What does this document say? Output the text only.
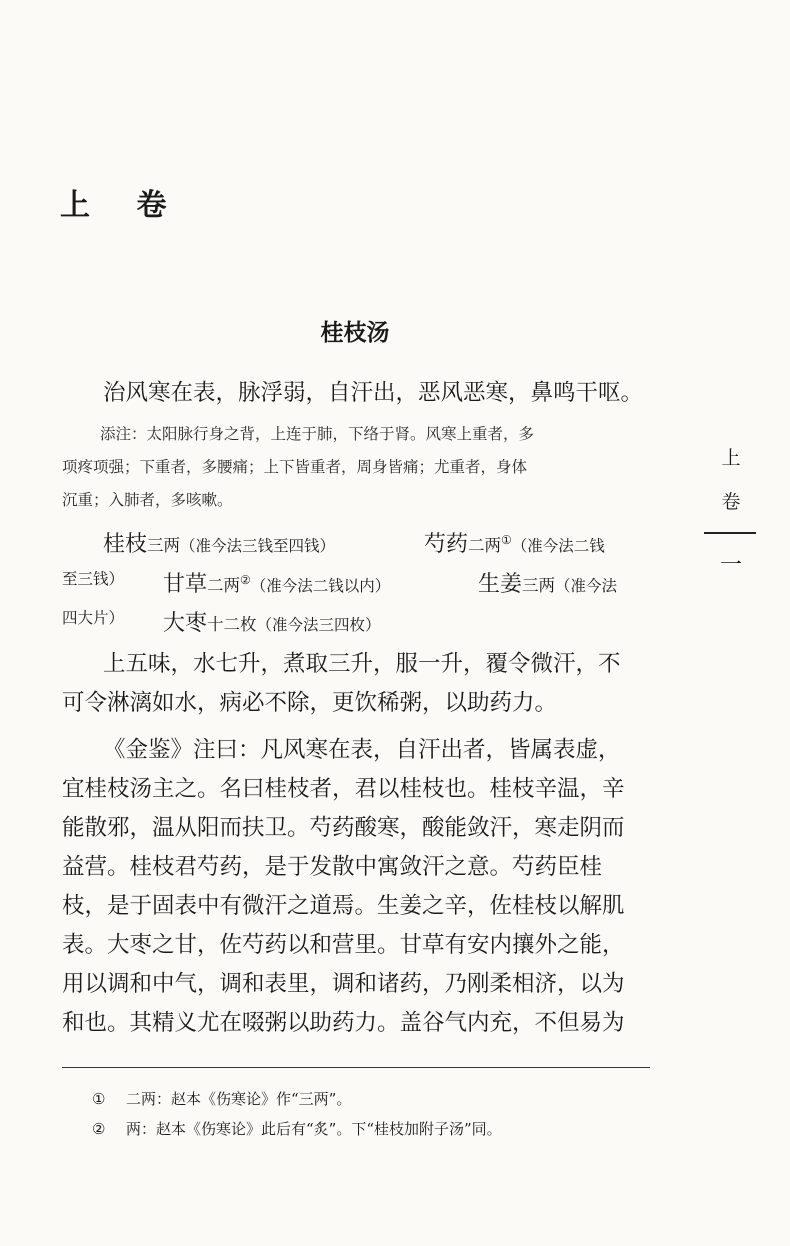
上 卷
桂枝汤
治风寒在表，脉浮弱，自汗出，恶风恶寒，鼻鸣干呕。
添注：太阳脉行身之背，上连于肺，下络于肾。风寒上重者，多
项疼项强；下重者，多腰痛；上下皆重者，周身皆痛；尤重者，身体
沉重；入肺者，多咳嗽。
桂枝三两（准今法三钱至四钱）	芍药二两①（准今法二钱
至三钱） 甘草二两②（准今法二钱以内）	生姜三两（准今法
四大片） 大枣十二枚（准今法三四枚）
上五味，水七升，煮取三升，服一升，覆令微汗，不
可令淋漓如水，病必不除，更饮稀粥，以助药力。
《金鉴》注曰：凡风寒在表，自汗出者，皆属表虚，
宜桂枝汤主之。名曰桂枝者，君以桂枝也。桂枝辛温，辛
能散邪，温从阳而扶卫。芍药酸寒，酸能敛汗，寒走阴而
益营。桂枝君芍药，是于发散中寓敛汗之意。芍药臣桂
枝，是于固表中有微汗之道焉。生姜之辛，佐桂枝以解肌
表。大枣之甘，佐芍药以和营里。甘草有安内攘外之能，
用以调和中气，调和表里，调和诸药，乃刚柔相济，以为
和也。其精义尤在啜粥以助药力。盖谷气内充，不但易为
① 二两：赵本《伤寒论》作“三两”。
② 两：赵本《伤寒论》此后有“炙”。下“桂枝加附子汤”同。
上
卷
一
